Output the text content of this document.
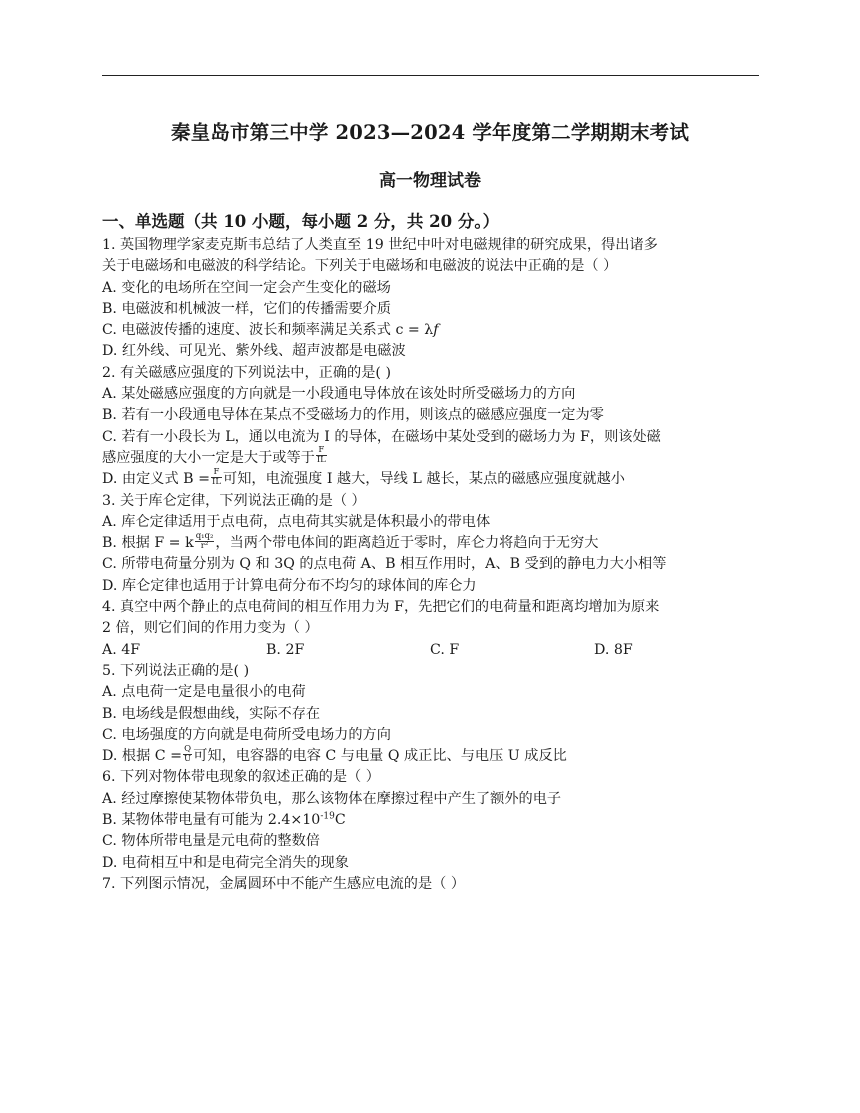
秦皇岛市第三中学 2023—2024 学年度第二学期期末考试
高一物理试卷
一、单选题（共 10 小题，每小题 2 分，共 20 分。）
1. 英国物理学家麦克斯韦总结了人类直至 19 世纪中叶对电磁规律的研究成果，得出诸多
关于电磁场和电磁波的科学结论。下列关于电磁场和电磁波的说法中正确的是（ ）
A. 变化的电场所在空间一定会产生变化的磁场
B. 电磁波和机械波一样，它们的传播需要介质
C. 电磁波传播的速度、波长和频率满足关系式 c = λf
D. 红外线、可见光、紫外线、超声波都是电磁波
2. 有关磁感应强度的下列说法中，正确的是( )
A. 某处磁感应强度的方向就是一小段通电导体放在该处时所受磁场力的方向
B. 若有一小段通电导体在某点不受磁场力的作用，则该点的磁感应强度一定为零
C. 若有一小段长为 L，通以电流为 I 的导体，在磁场中某处受到的磁场力为 F，则该处磁
感应强度的大小一定是大于或等于 $\frac{F}{IL}$
D. 由定义式 $B = \frac{F}{IL}$ 可知，电流强度 I 越大，导线 L 越长，某点的磁感应强度就越小
3. 关于库仑定律，下列说法正确的是（ ）
A. 库仑定律适用于点电荷，点电荷其实就是体积最小的带电体
B. 根据 F = k $\frac{\text{q₁q₂}}{\text{r²}}$ ，当两个带电体间的距离趋近于零时，库仑力将趋向于无穷大
C. 所带电荷量分别为 Q 和 3Q 的点电荷 A、B 相互作用时，A、B 受到的静电力大小相等
D. 库仑定律也适用于计算电荷分布不均匀的球体间的库仑力
4. 真空中两个静止的点电荷间的相互作用力为 F，先把它们的电荷量和距离均增加为原来
2 倍，则它们间的作用力变为（ ）
A. 4F	B. 2F	C. F	D. 8F
5. 下列说法正确的是( )
A. 点电荷一定是电量很小的电荷
B. 电场线是假想曲线，实际不存在
C. 电场强度的方向就是电荷所受电场力的方向
D. 根据 $C = \frac{Q}{U}$ 可知，电容器的电容 C 与电量 Q 成正比、与电压 U 成反比
6. 下列对物体带电现象的叙述正确的是（ ）
A. 经过摩擦使某物体带负电，那么该物体在摩擦过程中产生了额外的电子
B. 某物体带电量有可能为 $2.4\times 10^{-19}C$
C. 物体所带电量是元电荷的整数倍
D. 电荷相互中和是电荷完全消失的现象
7. 下列图示情况，金属圆环中不能产生感应电流的是（ ）
